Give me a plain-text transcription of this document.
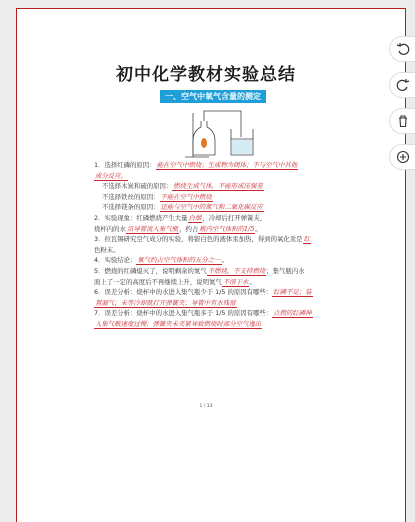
初中化学教材实验总结
一、空气中氧气含量的测定
1．选择红磷的原因：能在空气中燃烧；生成物为固体；不与空气中其他
成分反应。
不选择木炭和硫的原因：燃烧生成气体，不能形成压强差
不选择铁丝的原因：不能在空气中燃烧
不选择镁条的原因：还能与空气中的氮气和二氧化碳反应
2．实验现象：红磷燃烧产生大量白烟，冷却后打开弹簧夹，
烧杯内的水沿导管流入集气瓶，约占瓶内空气体积的1/5。
3．拉瓦锡研究空气成分的实验，将银白色的液体汞加热，得到的氧化汞是红
色粉末。
4．实验结论：氧气约占空气体积的五分之一。
5．燃烧的红磷熄灭了，说明剩余的氮气不燃烧，不支持燃烧；集气瓶内水
面上了一定的高度后不再继续上升，说明氮气不溶于水。
6．误差分析：烧杯中的水进入集气瓶少于 1/5 的原因有哪些：红磷不足；装
置漏气；未等冷却就打开弹簧夹；导管中有水残留
7．误差分析：烧杯中的水进入集气瓶多于 1/5 的原因有哪些：点燃的红磷伸
入集气瓶速度过慢；弹簧夹未夹紧导致燃烧时部分空气逸出
1 / 13
